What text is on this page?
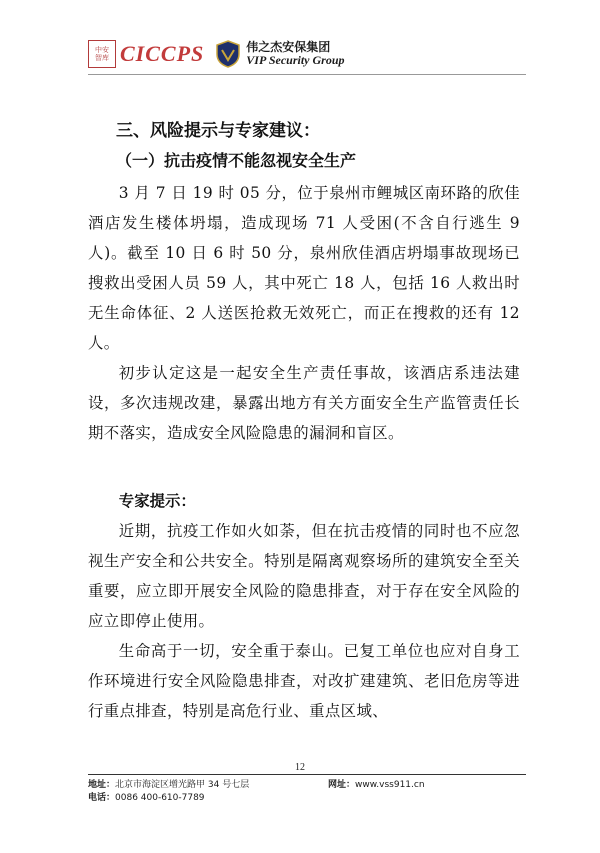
中安
智库 CICCPS	伟之杰安保集团
VIP Security Group
三、风险提示与专家建议：
（一）抗击疫情不能忽视安全生产

3 月 7 日 19 时 05 分，位于泉州市鲤城区南环路的欣佳酒店发生楼体坍塌，造成现场 71 人受困(不含自行逃生 9 人)。截至 10 日 6 时 50 分，泉州欣佳酒店坍塌事故现场已搜救出受困人员 59 人，其中死亡 18 人，包括 16 人救出时无生命体征、2 人送医抢救无效死亡，而正在搜救的还有 12 人。

初步认定这是一起安全生产责任事故，该酒店系违法建设，多次违规改建，暴露出地方有关方面安全生产监管责任长期不落实，造成安全风险隐患的漏洞和盲区。

专家提示：

近期，抗疫工作如火如荼，但在抗击疫情的同时也不应忽视生产安全和公共安全。特别是隔离观察场所的建筑安全至关重要，应立即开展安全风险的隐患排查，对于存在安全风险的应立即停止使用。

生命高于一切，安全重于泰山。已复工单位也应对自身工作环境进行安全风险隐患排查，对改扩建建筑、老旧危房等进行重点排查，特别是高危行业、重点区域、

12
地址：北京市海淀区增光路甲 34 号七层	网址：www.vss911.cn
电话： 0086 400-610-7789
